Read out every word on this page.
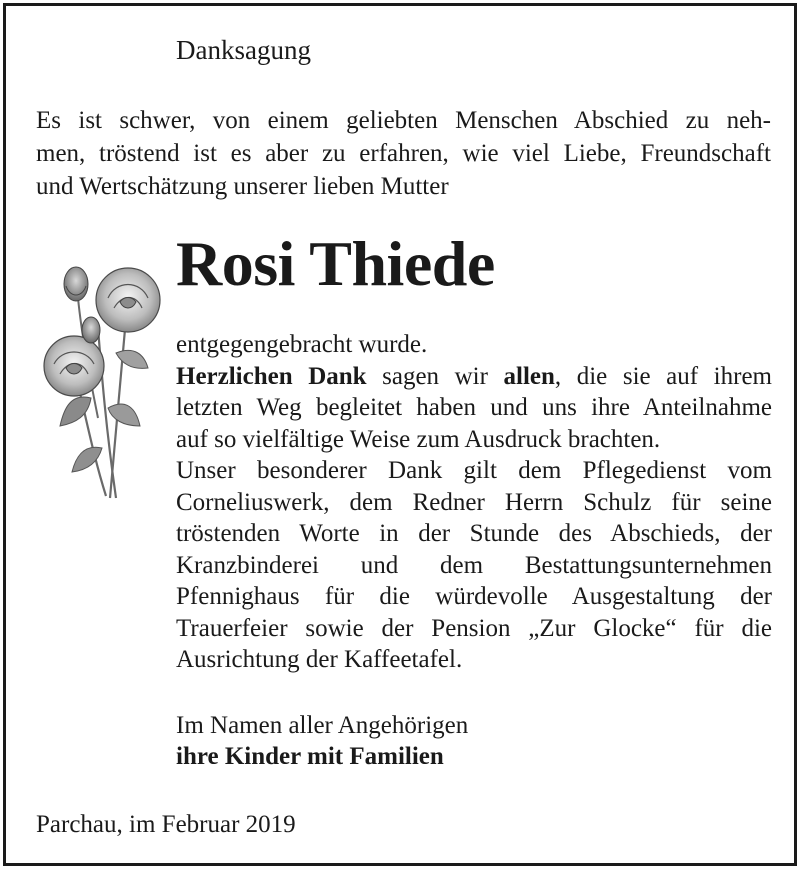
Danksagung
Es ist schwer, von einem geliebten Menschen Abschied zu neh-
men, tröstend ist es aber zu erfahren, wie viel Liebe, Freundschaft
und Wertschätzung unserer lieben Mutter
Rosi Thiede
entgegengebracht wurde.
Herzlichen Dank sagen wir allen, die sie auf ihrem
letzten Weg begleitet haben und uns ihre Anteilnahme
auf so vielfältige Weise zum Ausdruck brachten.
Unser besonderer Dank gilt dem Pflegedienst vom
Corneliuswerk, dem Redner Herrn Schulz für seine
tröstenden Worte in der Stunde des Abschieds, der
Kranzbinderei und dem Bestattungsunternehmen
Pfennighaus für die würdevolle Ausgestaltung der
Trauerfeier sowie der Pension „Zur Glocke“ für die
Ausrichtung der Kaffeetafel.
Im Namen aller Angehörigen
ihre Kinder mit Familien
Parchau, im Februar 2019
